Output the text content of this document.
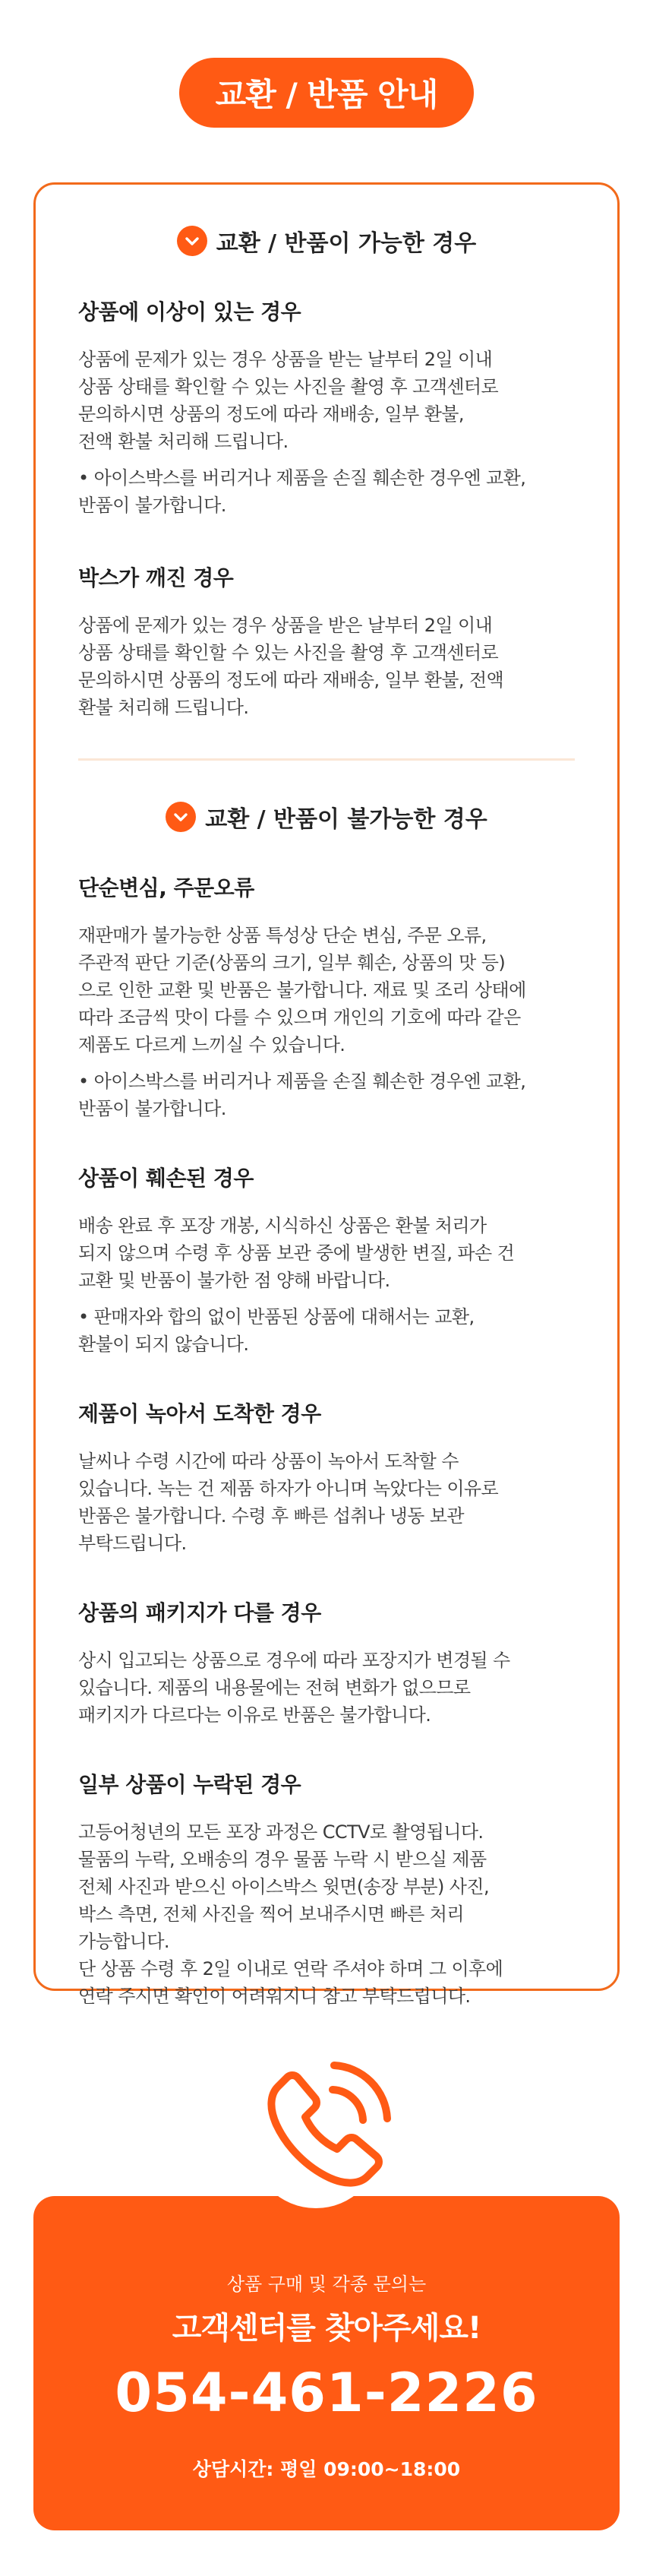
교환 / 반품 안내
교환 / 반품이 가능한 경우
상품에 이상이 있는 경우

상품에 문제가 있는 경우 상품을 받는 날부터 2일 이내
상품 상태를 확인할 수 있는 사진을 촬영 후 고객센터로
문의하시면 상품의 정도에 따라 재배송, 일부 환불,
전액 환불 처리해 드립니다.

• 아이스박스를 버리거나 제품을 손질 훼손한 경우엔 교환,
반품이 불가합니다.

박스가 깨진 경우

상품에 문제가 있는 경우 상품을 받은 날부터 2일 이내
상품 상태를 확인할 수 있는 사진을 촬영 후 고객센터로
문의하시면 상품의 정도에 따라 재배송, 일부 환불, 전액
환불 처리해 드립니다.

교환 / 반품이 불가능한 경우
단순변심, 주문오류

재판매가 불가능한 상품 특성상 단순 변심, 주문 오류,
주관적 판단 기준(상품의 크기, 일부 훼손, 상품의 맛 등)
으로 인한 교환 및 반품은 불가합니다. 재료 및 조리 상태에
따라 조금씩 맛이 다를 수 있으며 개인의 기호에 따라 같은
제품도 다르게 느끼실 수 있습니다.

• 아이스박스를 버리거나 제품을 손질 훼손한 경우엔 교환,
반품이 불가합니다.

상품이 훼손된 경우

배송 완료 후 포장 개봉, 시식하신 상품은 환불 처리가
되지 않으며 수령 후 상품 보관 중에 발생한 변질, 파손 건
교환 및 반품이 불가한 점 양해 바랍니다.

• 판매자와 합의 없이 반품된 상품에 대해서는 교환,
환불이 되지 않습니다.

제품이 녹아서 도착한 경우

날씨나 수령 시간에 따라 상품이 녹아서 도착할 수
있습니다. 녹는 건 제품 하자가 아니며 녹았다는 이유로
반품은 불가합니다. 수령 후 빠른 섭취나 냉동 보관
부탁드립니다.

상품의 패키지가 다를 경우

상시 입고되는 상품으로 경우에 따라 포장지가 변경될 수
있습니다. 제품의 내용물에는 전혀 변화가 없으므로
패키지가 다르다는 이유로 반품은 불가합니다.

일부 상품이 누락된 경우

고등어청년의 모든 포장 과정은 CCTV로 촬영됩니다.
물품의 누락, 오배송의 경우 물품 누락 시 받으실 제품
전체 사진과 받으신 아이스박스 윗면(송장 부분) 사진,
박스 측면, 전체 사진을 찍어 보내주시면 빠른 처리
가능합니다.
단 상품 수령 후 2일 이내로 연락 주셔야 하며 그 이후에
연락 주시면 확인이 어려워지니 참고 부탁드립니다.

상품 구매 및 각종 문의는
고객센터를 찾아주세요!
054-461-2226
상담시간: 평일 09:00~18:00
